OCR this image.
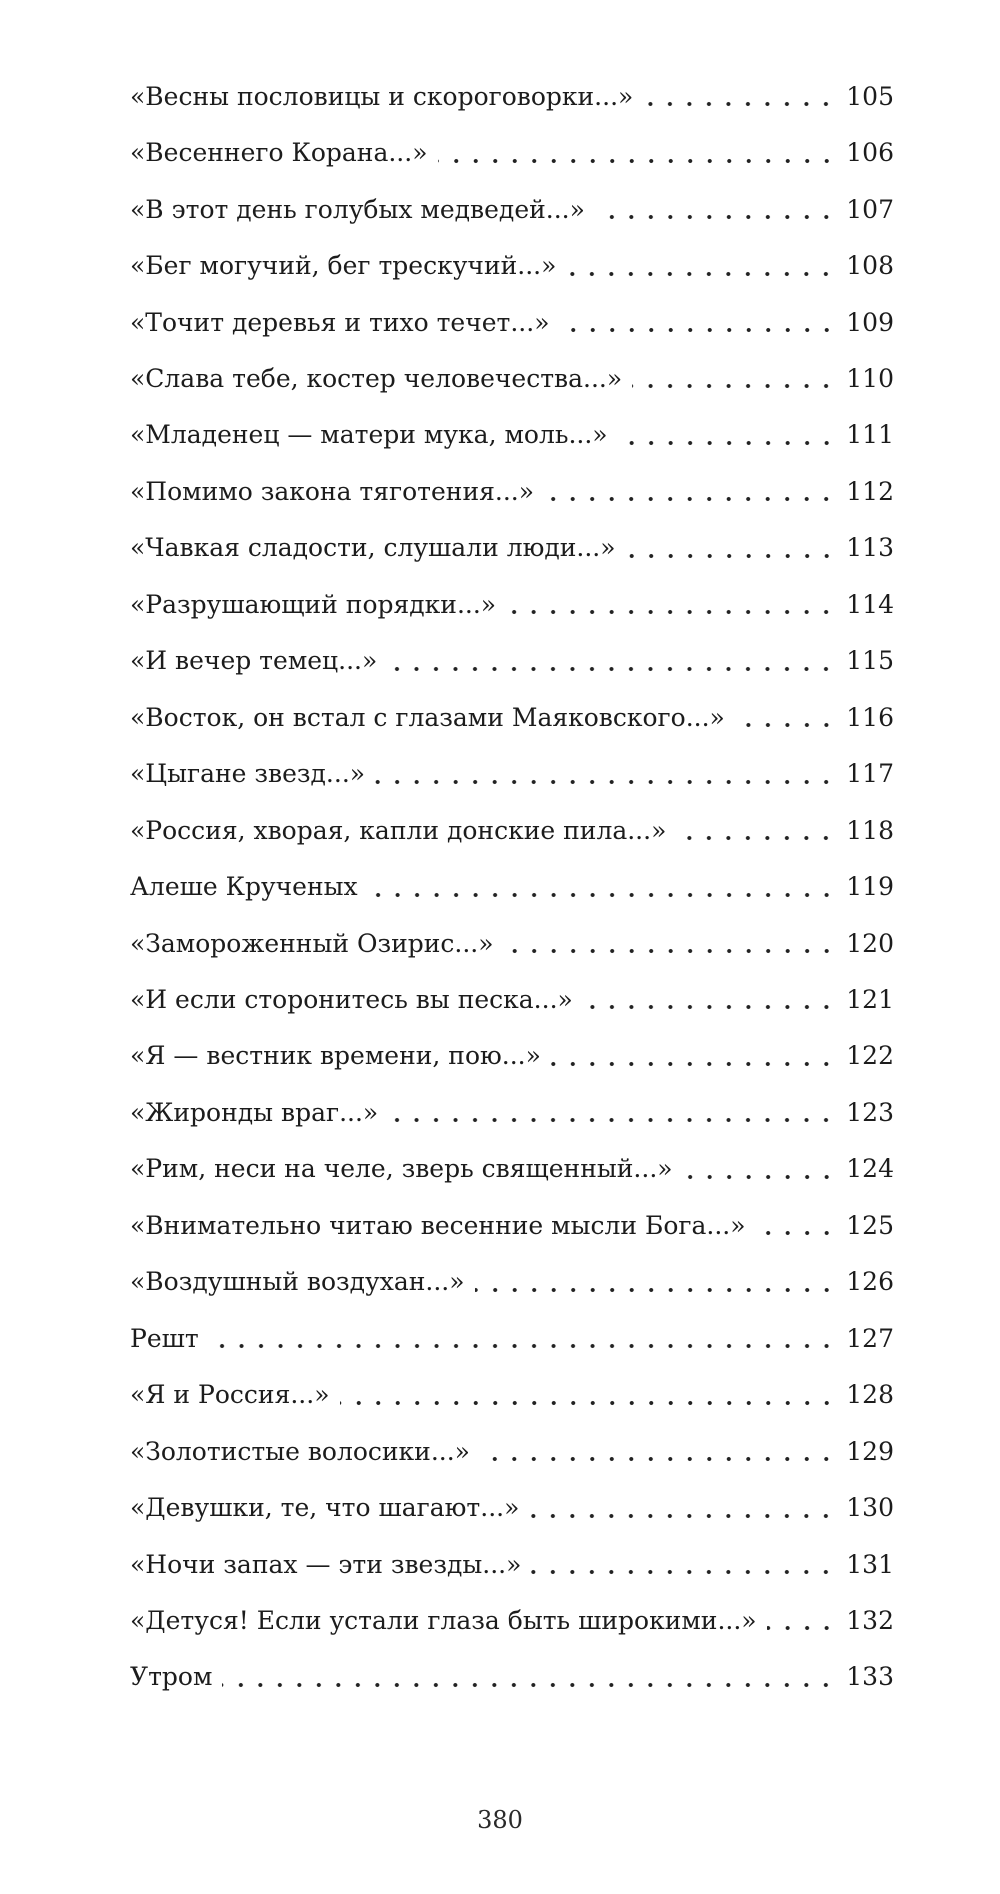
«Весны пословицы и скороговорки...»	105
«Весеннего Корана...»	106
«В этот день голубых медведей...»	107
«Бег могучий, бег трескучий...»	108
«Точит деревья и тихо течет...»	109
«Слава тебе, костер человечества...»	110
«Младенец — матери мука, моль...»	111
«Помимо закона тяготения...»	112
«Чавкая сладости, слушали люди...»	113
«Разрушающий порядки...»	114
«И вечер темец...»	115
«Восток, он встал с глазами Маяковского...»	116
«Цыгане звезд...»	117
«Россия, хворая, капли донские пила...»	118
Алеше Крученых	119
«Замороженный Озирис...»	120
«И если сторонитесь вы песка...»	121
«Я — вестник времени, пою...»	122
«Жиронды враг...»	123
«Рим, неси на челе, зверь священный...»	124
«Внимательно читаю весенние мысли Бога...»	125
«Воздушный воздухан...»	126
Решт	127
«Я и Россия...»	128
«Золотистые волосики...»	129
«Девушки, те, что шагают...»	130
«Ночи запах — эти звезды...»	131
«Детуся! Если устали глаза быть широкими...»	132
Утром	133
380
